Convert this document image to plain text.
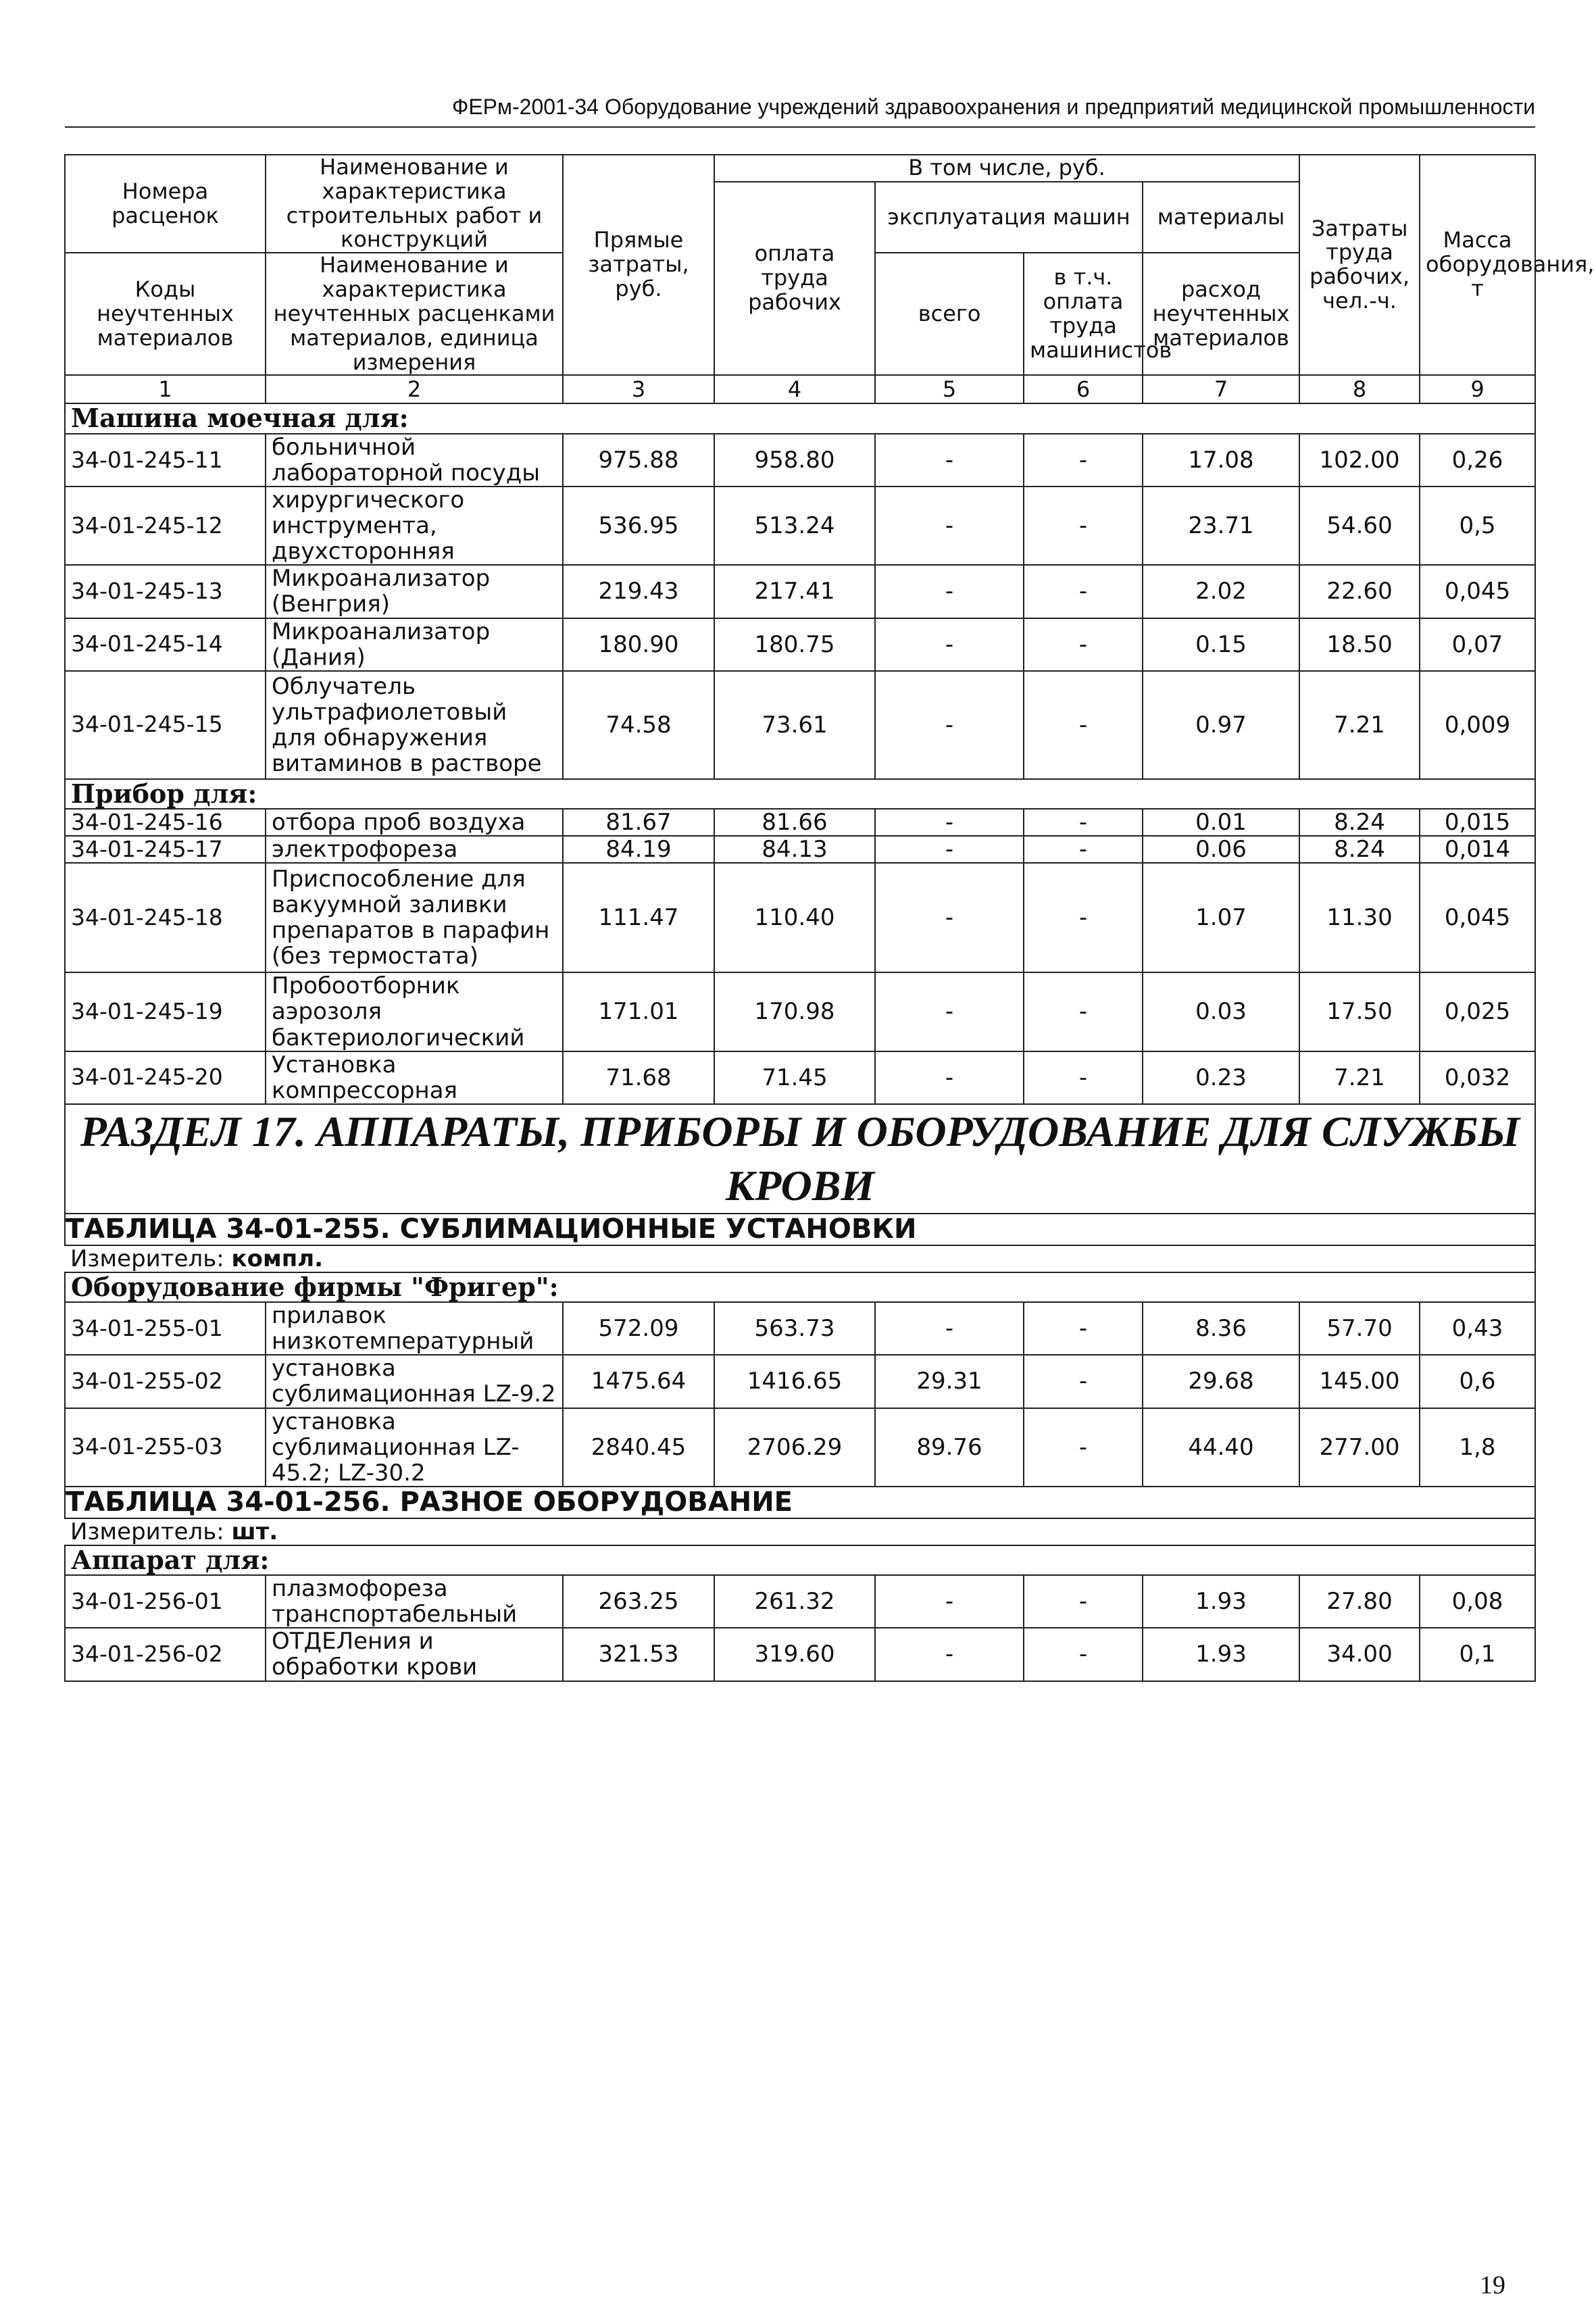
ФЕРм-2001-34 Оборудование учреждений здравоохранения и предприятий медицинской промышленности
Номера расценок	Наименование и характеристика строительных работ и конструкций	Прямые затраты, руб.	В том числе, руб.				Затраты труда рабочих, чел.-ч.	Масса оборудования, т
			оплата труда рабочих	эксплуатация машин		материалы		
Коды неучтенных материалов	Наименование и характеристика неучтенных расценками материалов, единица измерения			всего	в т.ч. оплата труда машинистов	расход неучтенных материалов		

1	2	3	4	5	6	7	8	9
Машина моечная для:								
34-01-245-11	больничной лабораторной посуды	975.88	958.80	-	-	17.08	102.00	0,26
34-01-245-12	хирургического инструмента, двухсторонняя	536.95	513.24	-	-	23.71	54.60	0,5
34-01-245-13	Микроанализатор (Венгрия)	219.43	217.41	-	-	2.02	22.60	0,045
34-01-245-14	Микроанализатор (Дания)	180.90	180.75	-	-	0.15	18.50	0,07
34-01-245-15	Облучатель ультрафиолетовый для обнаружения витаминов в растворе	74.58	73.61	-	-	0.97	7.21	0,009
Прибор для:								
34-01-245-16	отбора проб воздуха	81.67	81.66	-	-	0.01	8.24	0,015
34-01-245-17	электрофореза	84.19	84.13	-	-	0.06	8.24	0,014
34-01-245-18	Приспособление для вакуумной заливки препаратов в парафин (без термостата)	111.47	110.40	-	-	1.07	11.30	0,045
34-01-245-19	Пробоотборник аэрозоля бактериологический	171.01	170.98	-	-	0.03	17.50	0,025
34-01-245-20	Установка компрессорная	71.68	71.45	-	-	0.23	7.21	0,032
РАЗДЕЛ 17. АППАРАТЫ, ПРИБОРЫ И ОБОРУДОВАНИЕ ДЛЯ СЛУЖБЫ КРОВИ								
ТАБЛИЦА 34-01-255. СУБЛИМАЦИОННЫЕ УСТАНОВКИ								
Измеритель: компл.								
Оборудование фирмы "Фригер":								
34-01-255-01	прилавок низкотемпературный	572.09	563.73	-	-	8.36	57.70	0,43
34-01-255-02	установка сублимационная LZ-9.2	1475.64	1416.65	29.31	-	29.68	145.00	0,6
34-01-255-03	установка сублимационная LZ-45.2; LZ-30.2	2840.45	2706.29	89.76	-	44.40	277.00	1,8
ТАБЛИЦА 34-01-256. РАЗНОЕ ОБОРУДОВАНИЕ								
Измеритель: шт.								
Аппарат для:								
34-01-256-01	плазмофореза транспортабельный	263.25	261.32	-	-	1.93	27.80	0,08
34-01-256-02	ОТДЕЛения и обработки крови	321.53	319.60	-	-	1.93	34.00	0,1
19
